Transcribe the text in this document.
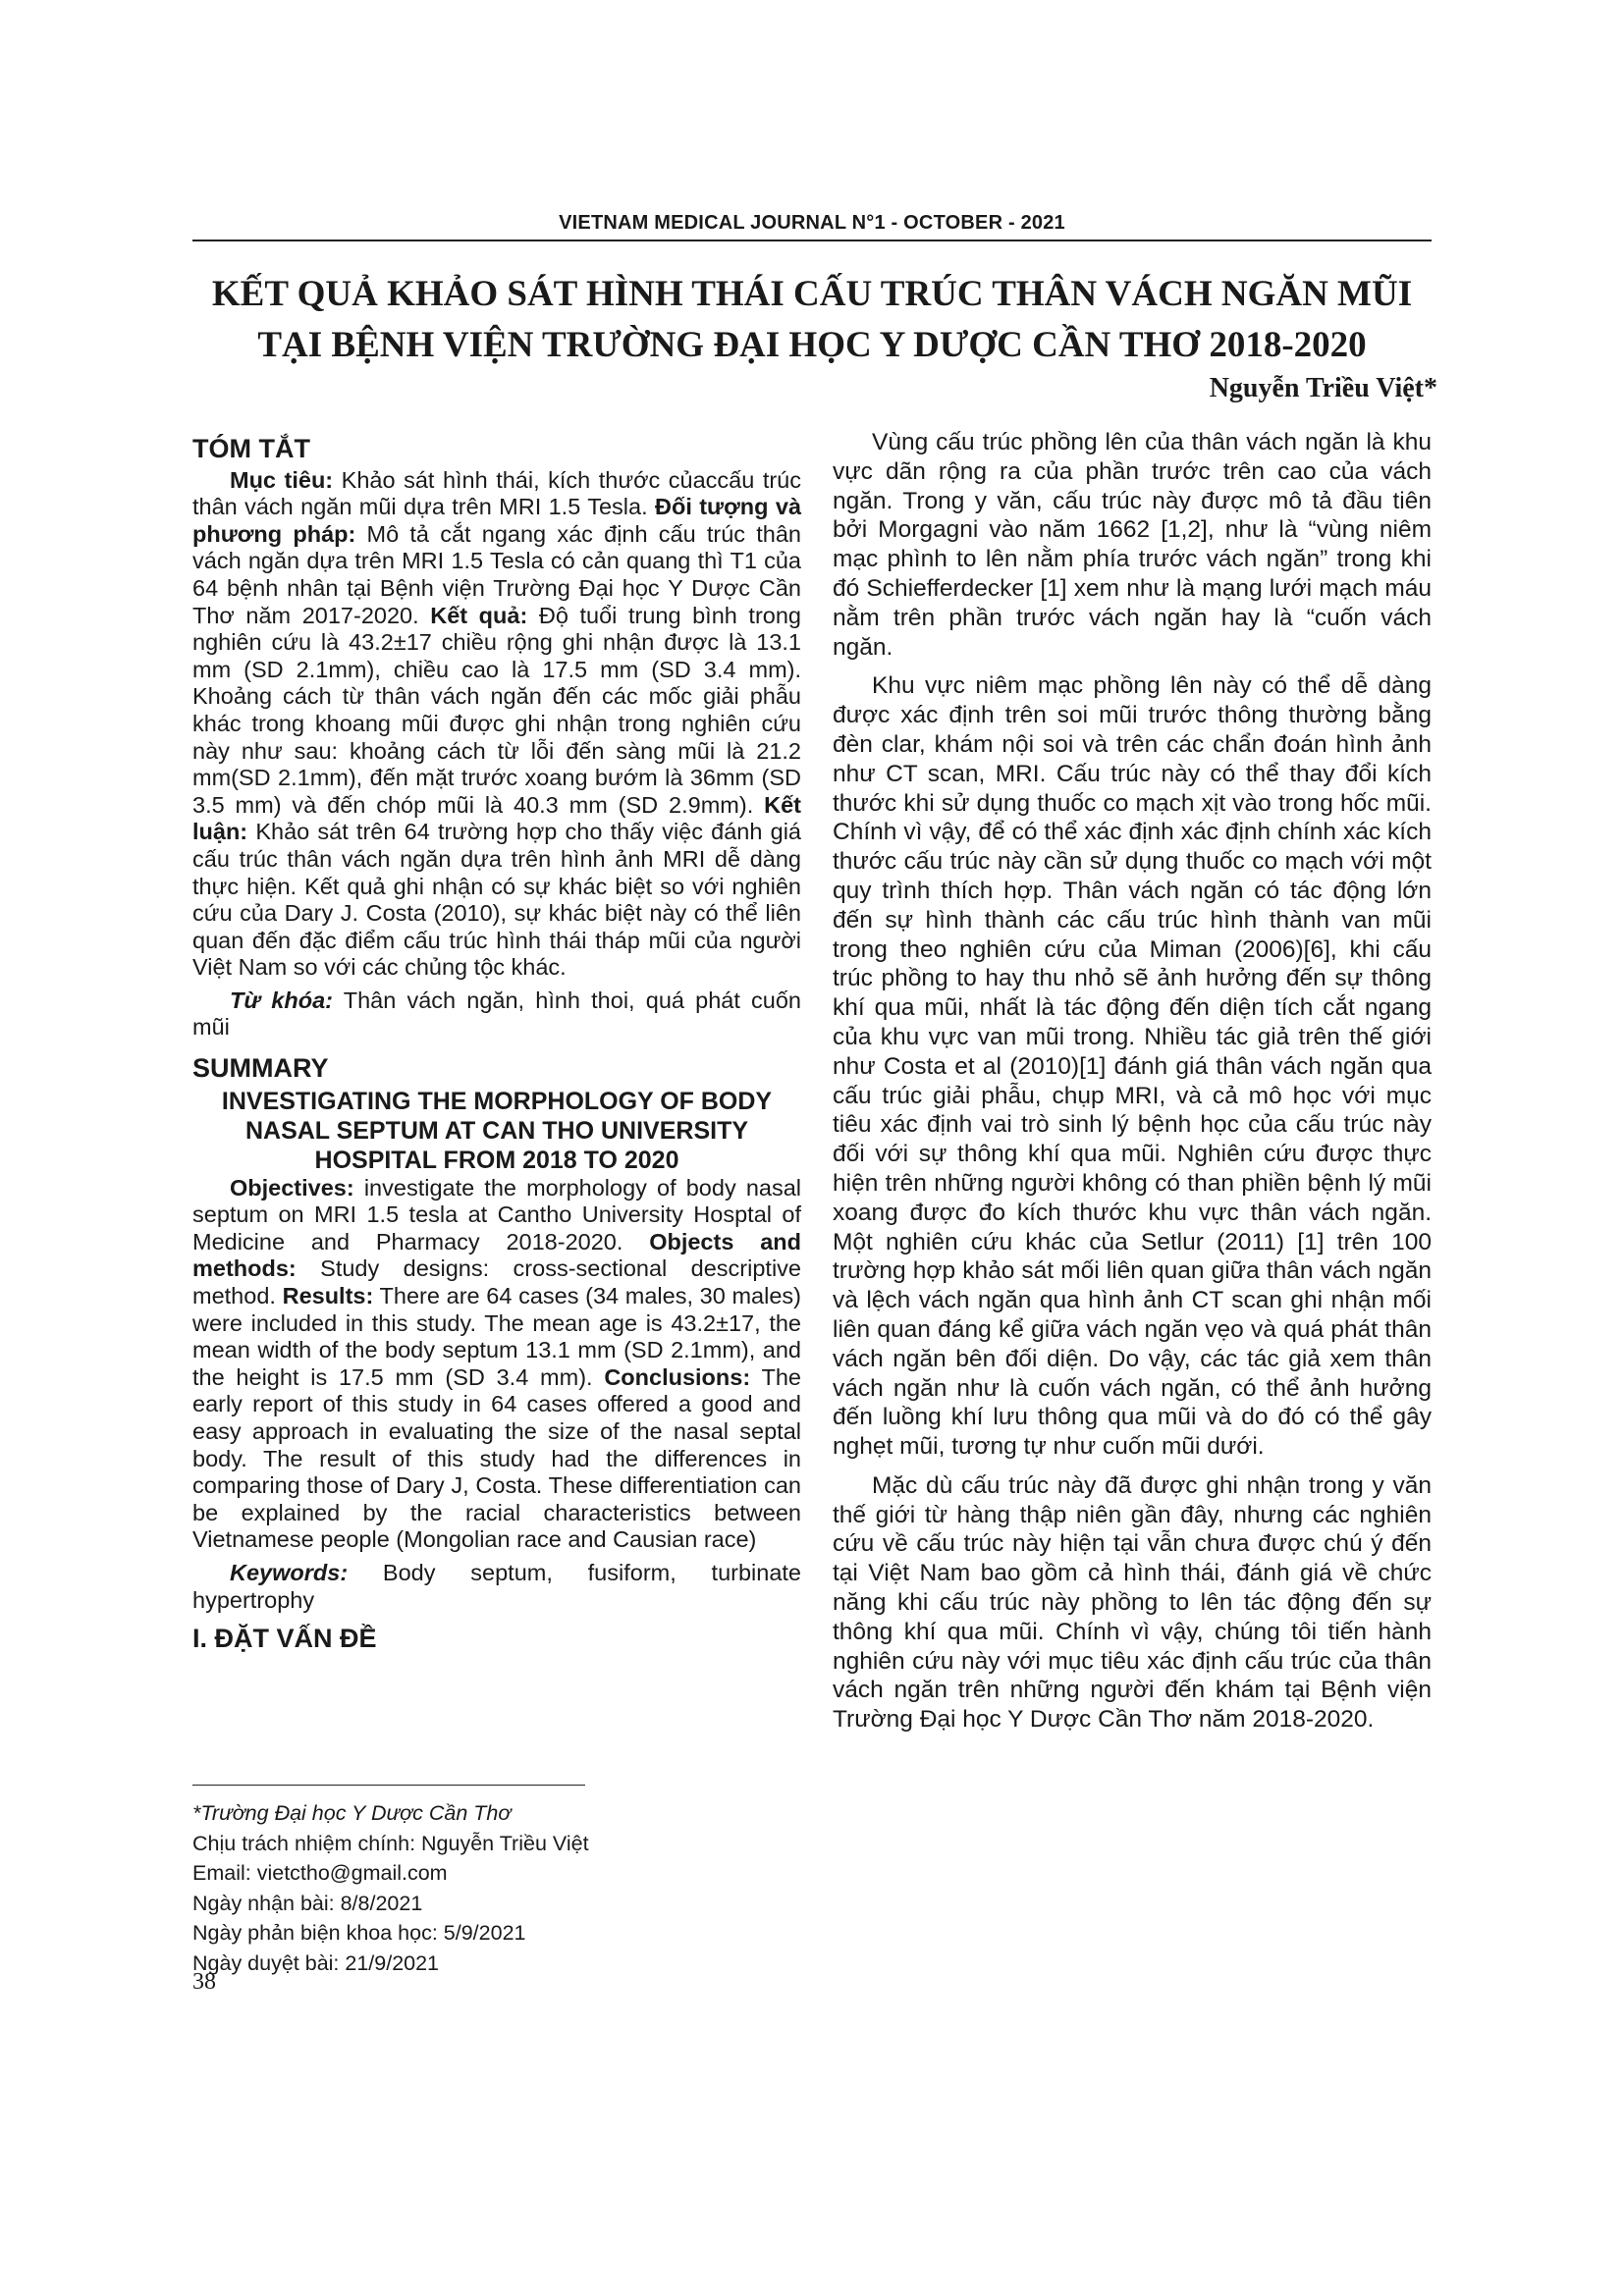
VIETNAM MEDICAL JOURNAL N°1 - OCTOBER - 2021
KẾT QUẢ KHẢO SÁT HÌNH THÁI CẤU TRÚC THÂN VÁCH NGĂN MŨI
TẠI BỆNH VIỆN TRƯỜNG ĐẠI HỌC Y DƯỢC CẦN THƠ 2018-2020
Nguyễn Triều Việt*
TÓM TẮT

Mục tiêu: Khảo sát hình thái, kích thước củaccấu trúc thân vách ngăn mũi dựa trên MRI 1.5 Tesla. Đối tượng và phương pháp: Mô tả cắt ngang xác định cấu trúc thân vách ngăn dựa trên MRI 1.5 Tesla có cản quang thì T1 của 64 bệnh nhân tại Bệnh viện Trường Đại học Y Dược Cần Thơ năm 2017-2020. Kết quả: Độ tuổi trung bình trong nghiên cứu là 43.2±17 chiều rộng ghi nhận được là 13.1 mm (SD 2.1mm), chiều cao là 17.5 mm (SD 3.4 mm). Khoảng cách từ thân vách ngăn đến các mốc giải phẫu khác trong khoang mũi được ghi nhận trong nghiên cứu này như sau: khoảng cách từ lỗi đến sàng mũi là 21.2 mm(SD 2.1mm), đến mặt trước xoang bướm là 36mm (SD 3.5 mm) và đến chóp mũi là 40.3 mm (SD 2.9mm). Kết luận: Khảo sát trên 64 trường hợp cho thấy việc đánh giá cấu trúc thân vách ngăn dựa trên hình ảnh MRI dễ dàng thực hiện. Kết quả ghi nhận có sự khác biệt so với nghiên cứu của Dary J. Costa (2010), sự khác biệt này có thể liên quan đến đặc điểm cấu trúc hình thái tháp mũi của người Việt Nam so với các chủng tộc khác.

Từ khóa: Thân vách ngăn, hình thoi, quá phát cuốn mũi

SUMMARY
INVESTIGATING THE MORPHOLOGY OF BODY NASAL SEPTUM AT CAN THO UNIVERSITY HOSPITAL FROM 2018 TO 2020

Objectives: investigate the morphology of body nasal septum on MRI 1.5 tesla at Cantho University Hosptal of Medicine and Pharmacy 2018-2020. Objects and methods: Study designs: cross-sectional descriptive method. Results: There are 64 cases (34 males, 30 males) were included in this study. The mean age is 43.2±17, the mean width of the body septum 13.1 mm (SD 2.1mm), and the height is 17.5 mm (SD 3.4 mm). Conclusions: The early report of this study in 64 cases offered a good and easy approach in evaluating the size of the nasal septal body. The result of this study had the differences in comparing those of Dary J, Costa. These differentiation can be explained by the racial characteristics between Vietnamese people (Mongolian race and Causian race)

Keywords: Body septum, fusiform, turbinate hypertrophy

I. ĐẶT VẤN ĐỀ
*Trường Đại học Y Dược Cần Thơ
Chịu trách nhiệm chính: Nguyễn Triều Việt
Email: vietctho@gmail.com
Ngày nhận bài: 8/8/2021
Ngày phản biện khoa học: 5/9/2021
Ngày duyệt bài: 21/9/2021
38

Vùng cấu trúc phồng lên của thân vách ngăn là khu vực dãn rộng ra của phần trước trên cao của vách ngăn. Trong y văn, cấu trúc này được mô tả đầu tiên bởi Morgagni vào năm 1662 [1,2], như là “vùng niêm mạc phình to lên nằm phía trước vách ngăn” trong khi đó Schiefferdecker [1] xem như là mạng lưới mạch máu nằm trên phần trước vách ngăn hay là “cuốn vách ngăn.

Khu vực niêm mạc phồng lên này có thể dễ dàng được xác định trên soi mũi trước thông thường bằng đèn clar, khám nội soi và trên các chẩn đoán hình ảnh như CT scan, MRI. Cấu trúc này có thể thay đổi kích thước khi sử dụng thuốc co mạch xịt vào trong hốc mũi. Chính vì vậy, để có thể xác định xác định chính xác kích thước cấu trúc này cần sử dụng thuốc co mạch với một quy trình thích hợp. Thân vách ngăn có tác động lớn đến sự hình thành các cấu trúc hình thành van mũi trong theo nghiên cứu của Miman (2006)[6], khi cấu trúc phồng to hay thu nhỏ sẽ ảnh hưởng đến sự thông khí qua mũi, nhất là tác động đến diện tích cắt ngang của khu vực van mũi trong. Nhiều tác giả trên thế giới như Costa et al (2010)[1] đánh giá thân vách ngăn qua cấu trúc giải phẫu, chụp MRI, và cả mô học với mục tiêu xác định vai trò sinh lý bệnh học của cấu trúc này đối với sự thông khí qua mũi. Nghiên cứu được thực hiện trên những người không có than phiền bệnh lý mũi xoang được đo kích thước khu vực thân vách ngăn. Một nghiên cứu khác của Setlur (2011) [1] trên 100 trường hợp khảo sát mối liên quan giữa thân vách ngăn và lệch vách ngăn qua hình ảnh CT scan ghi nhận mối liên quan đáng kể giữa vách ngăn vẹo và quá phát thân vách ngăn bên đối diện. Do vậy, các tác giả xem thân vách ngăn như là cuốn vách ngăn, có thể ảnh hưởng đến luồng khí lưu thông qua mũi và do đó có thể gây nghẹt mũi, tương tự như cuốn mũi dưới.

Mặc dù cấu trúc này đã được ghi nhận trong y văn thế giới từ hàng thập niên gần đây, nhưng các nghiên cứu về cấu trúc này hiện tại vẫn chưa được chú ý đến tại Việt Nam bao gồm cả hình thái, đánh giá về chức năng khi cấu trúc này phồng to lên tác động đến sự thông khí qua mũi. Chính vì vậy, chúng tôi tiến hành nghiên cứu này với mục tiêu xác định cấu trúc của thân vách ngăn trên những người đến khám tại Bệnh viện Trường Đại học Y Dược Cần Thơ năm 2018-2020.
